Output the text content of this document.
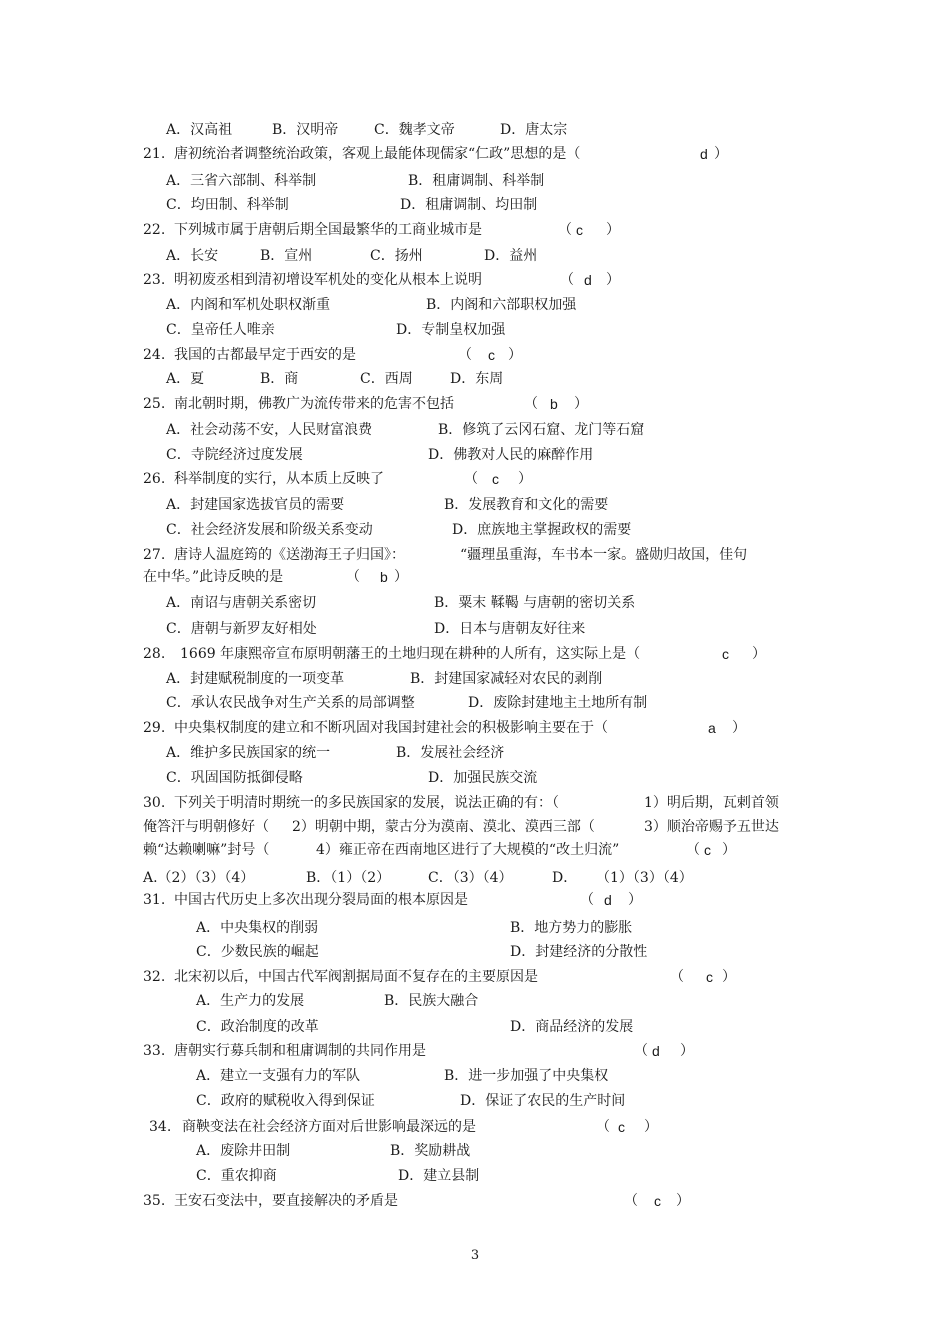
A．汉高祖	B．汉明帝	C．魏孝文帝	D．唐太宗
21. 唐初统治者调整统治政策，客观上最能体现儒家“仁政”思想的是（	d ）
A．三省六部制、科举制	B．租庸调制、科举制
C．均田制、科举制	D．租庸调制、均田制
22. 下列城市属于唐朝后期全国最繁华的工商业城市是	（ c ）
A．长安	B．宣州	C．扬州	D．益州
23. 明初废丞相到清初增设军机处的变化从根本上说明	（ d ）
A．内阁和军机处职权渐重	B．内阁和六部职权加强
C．皇帝任人唯亲	D．专制皇权加强
24. 我国的古都最早定于西安的是	（ c ）
A．夏	B．商	C．西周	D．东周
25. 南北朝时期，佛教广为流传带来的危害不包括	（ b ）
A．社会动荡不安，人民财富浪费	B．修筑了云冈石窟、龙门等石窟
C．寺院经济过度发展	D．佛教对人民的麻醉作用
26. 科举制度的实行，从本质上反映了	（ c ）
A．封建国家选拔官员的需要	B．发展教育和文化的需要
C．社会经济发展和阶级关系变动	D．庶族地主掌握政权的需要
27. 唐诗人温庭筠的《送渤海王子归国》：	“疆理虽重海，车书本一家。盛勋归故国，佳句
在中华。”此诗反映的是	（ b ）
A．南诏与唐朝关系密切	B．粟末 鞣鞨 与唐朝的密切关系
C．唐朝与新罗友好相处	D．日本与唐朝友好往来
28. 1669 年康熙帝宣布原明朝藩王的土地归现在耕种的人所有，这实际上是（	c ）
A．封建赋税制度的一项变革	B．封建国家减轻对农民的剥削
C．承认农民战争对生产关系的局部调整	D．废除封建地主土地所有制
29. 中央集权制度的建立和不断巩固对我国封建社会的积极影响主要在于（	a ）
A．维护多民族国家的统一	B．发展社会经济
C．巩固国防抵御侵略	D．加强民族交流
30. 下列关于明清时期统一的多民族国家的发展，说法正确的有：（	1）明后期，瓦剌首领
俺答汗与明朝修好（ 2）明朝中期，蒙古分为漠南、漠北、漠西三部（	3）顺治帝赐予五世达
赖“达赖喇嘛”封号（	4）雍正帝在西南地区进行了大规模的“改土归流”	（ c ）
A.（2）（3）（4）	B．（1）（2）	C．（3）（4）	D． （1）（3）（4）
31. 中国古代历史上多次出现分裂局面的根本原因是	（ d ）
A．中央集权的削弱	B．地方势力的膨胀
C．少数民族的崛起	D．封建经济的分散性
32. 北宋初以后，中国古代军阀割据局面不复存在的主要原因是	（ c ）
A．生产力的发展	B．民族大融合
C．政治制度的改革	D．商品经济的发展
33. 唐朝实行募兵制和租庸调制的共同作用是	（ d ）
A．建立一支强有力的军队	B．进一步加强了中央集权
C．政府的赋税收入得到保证	D．保证了农民的生产时间
34. 商鞅变法在社会经济方面对后世影响最深远的是	（ c ）
A．废除井田制	B．奖励耕战
C．重农抑商	D．建立县制
35. 王安石变法中，要直接解决的矛盾是	（ c ）
3
